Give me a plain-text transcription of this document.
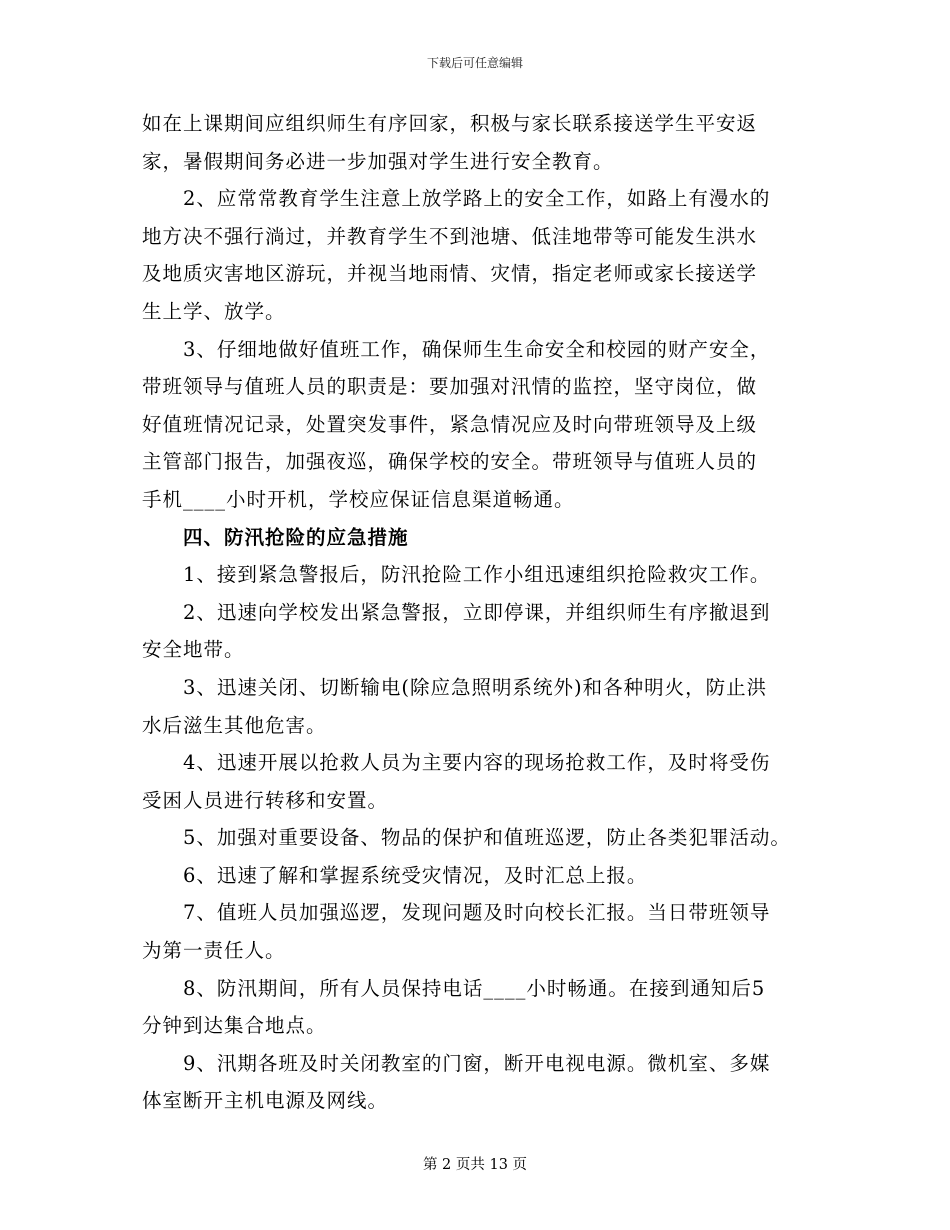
下载后可任意编辑

如在上课期间应组织师生有序回家，积极与家长联系接送学生平安返

家，暑假期间务必进一步加强对学生进行安全教育。

　　2、应常常教育学生注意上放学路上的安全工作，如路上有漫水的

地方决不强行淌过，并教育学生不到池塘、低洼地带等可能发生洪水

及地质灾害地区游玩，并视当地雨情、灾情，指定老师或家长接送学

生上学、放学。

　　3、仔细地做好值班工作，确保师生生命安全和校园的财产安全，

带班领导与值班人员的职责是：要加强对汛情的监控，坚守岗位，做

好值班情况记录，处置突发事件，紧急情况应及时向带班领导及上级

主管部门报告，加强夜巡，确保学校的安全。带班领导与值班人员的

手机____小时开机，学校应保证信息渠道畅通。

　　四、防汛抢险的应急措施

　　1、接到紧急警报后，防汛抢险工作小组迅速组织抢险救灾工作。

　　2、迅速向学校发出紧急警报，立即停课，并组织师生有序撤退到

安全地带。

　　3、迅速关闭、切断输电(除应急照明系统外)和各种明火，防止洪

水后滋生其他危害。

　　4、迅速开展以抢救人员为主要内容的现场抢救工作，及时将受伤

受困人员进行转移和安置。

　　5、加强对重要设备、物品的保护和值班巡逻，防止各类犯罪活动。

　　6、迅速了解和掌握系统受灾情况，及时汇总上报。

　　7、值班人员加强巡逻，发现问题及时向校长汇报。当日带班领导

为第一责任人。

　　8、防汛期间，所有人员保持电话____小时畅通。在接到通知后5

分钟到达集合地点。

　　9、汛期各班及时关闭教室的门窗，断开电视电源。微机室、多媒

体室断开主机电源及网线。

第 2 页共 13 页
